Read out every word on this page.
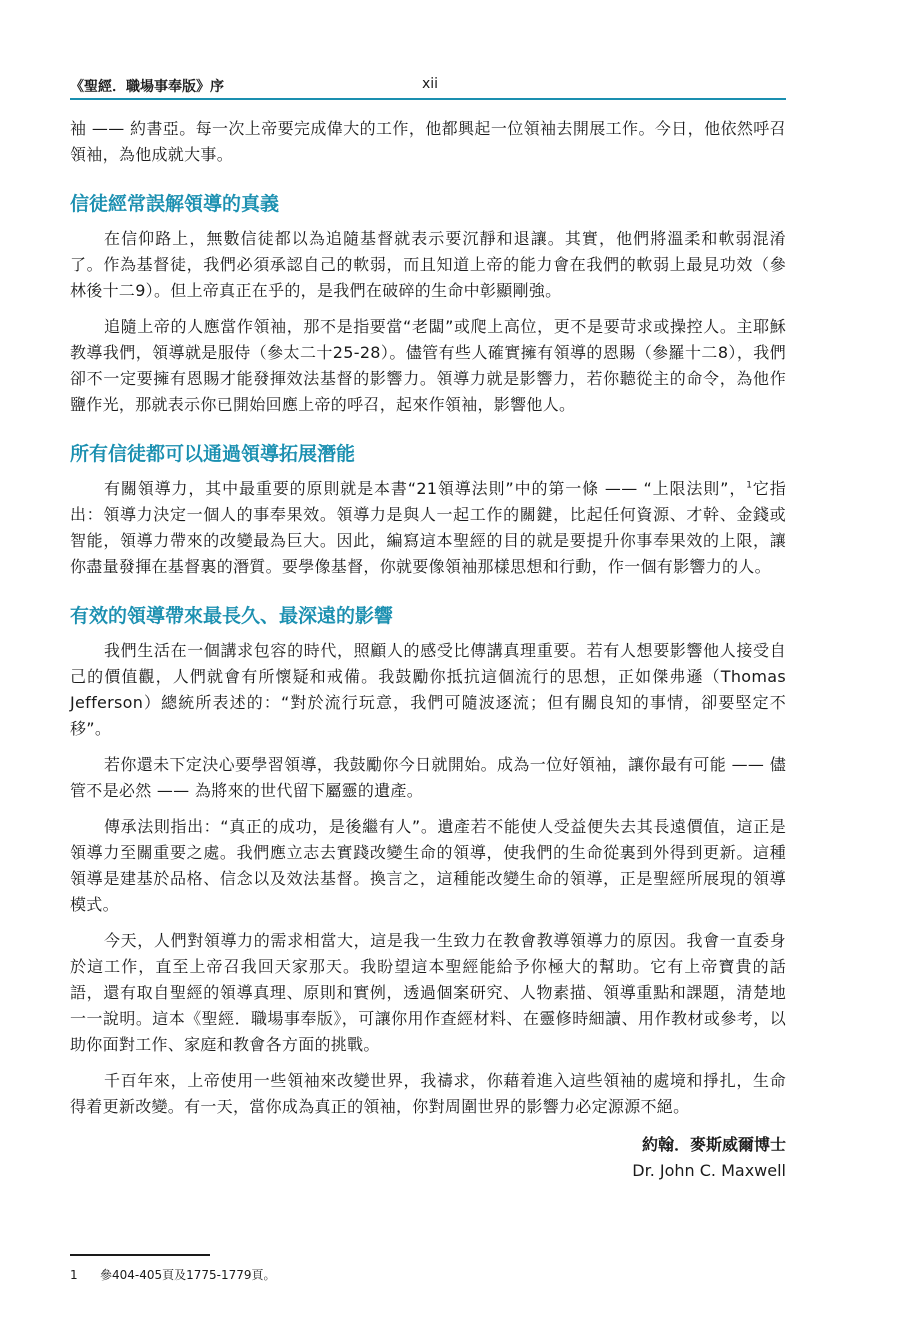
《聖經．職場事奉版》序	xii

袖 —— 約書亞。每一次上帝要完成偉大的工作，他都興起一位領袖去開展工作。今日，他依然呼召領袖，為他成就大事。

信徒經常誤解領導的真義

在信仰路上，無數信徒都以為追隨基督就表示要沉靜和退讓。其實，他們將溫柔和軟弱混淆了。作為基督徒，我們必須承認自己的軟弱，而且知道上帝的能力會在我們的軟弱上最見功效（參林後十二9）。但上帝真正在乎的，是我們在破碎的生命中彰顯剛強。

追隨上帝的人應當作領袖，那不是指要當“老闆”或爬上高位，更不是要苛求或操控人。主耶穌教導我們，領導就是服侍（參太二十25-28）。儘管有些人確實擁有領導的恩賜（參羅十二8），我們卻不一定要擁有恩賜才能發揮效法基督的影響力。領導力就是影響力，若你聽從主的命令，為他作鹽作光，那就表示你已開始回應上帝的呼召，起來作領袖，影響他人。

所有信徒都可以通過領導拓展潛能

有關領導力，其中最重要的原則就是本書“21領導法則”中的第一條 —— “上限法則”，$^1$它指出：領導力決定一個人的事奉果效。領導力是與人一起工作的關鍵，比起任何資源、才幹、金錢或智能，領導力帶來的改變最為巨大。因此，編寫這本聖經的目的就是要提升你事奉果效的上限，讓你盡量發揮在基督裏的潛質。要學像基督，你就要像領袖那樣思想和行動，作一個有影響力的人。

有效的領導帶來最長久、最深遠的影響

我們生活在一個講求包容的時代，照顧人的感受比傳講真理重要。若有人想要影響他人接受自己的價值觀，人們就會有所懷疑和戒備。我鼓勵你抵抗這個流行的思想，正如傑弗遜（Thomas Jefferson）總統所表述的：“對於流行玩意，我們可隨波逐流；但有關良知的事情，卻要堅定不移”。

若你還未下定決心要學習領導，我鼓勵你今日就開始。成為一位好領袖，讓你最有可能 —— 儘管不是必然 —— 為將來的世代留下屬靈的遺產。

傳承法則指出：“真正的成功，是後繼有人”。遺產若不能使人受益便失去其長遠價值，這正是領導力至關重要之處。我們應立志去實踐改變生命的領導，使我們的生命從裏到外得到更新。這種領導是建基於品格、信念以及效法基督。換言之，這種能改變生命的領導，正是聖經所展現的領導模式。

今天，人們對領導力的需求相當大，這是我一生致力在教會教導領導力的原因。我會一直委身於這工作，直至上帝召我回天家那天。我盼望這本聖經能給予你極大的幫助。它有上帝寶貴的話語，還有取自聖經的領導真理、原則和實例，透過個案研究、人物素描、領導重點和課題，清楚地一一說明。這本《聖經．職場事奉版》，可讓你用作查經材料、在靈修時細讀、用作教材或參考，以助你面對工作、家庭和教會各方面的挑戰。

千百年來，上帝使用一些領袖來改變世界，我禱求，你藉着進入這些領袖的處境和掙扎，生命得着更新改變。有一天，當你成為真正的領袖，你對周圍世界的影響力必定源源不絕。

約翰．麥斯威爾博士
Dr. John C. Maxwell
1 參404-405頁及1775-1779頁。
